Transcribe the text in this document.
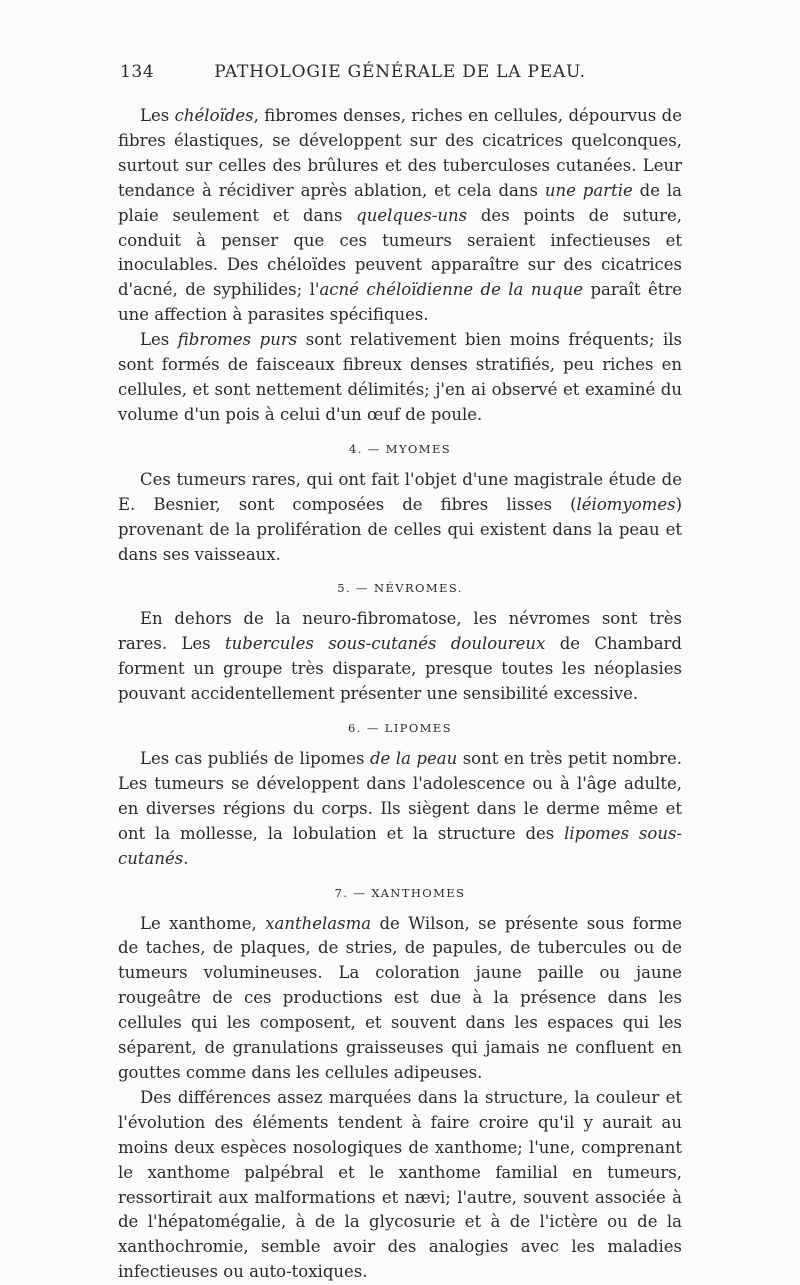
134	PATHOLOGIE GÉNÉRALE DE LA PEAU.

Les chéloïdes, fibromes denses, riches en cellules, dépourvus de fibres élastiques, se développent sur des cicatrices quelconques, surtout sur celles des brûlures et des tuberculoses cutanées. Leur tendance à récidiver après ablation, et cela dans une partie de la plaie seulement et dans quelques-uns des points de suture, conduit à penser que ces tumeurs seraient infectieuses et inoculables. Des chéloïdes peuvent apparaître sur des cicatrices d'acné, de syphilides; l'acné chéloïdienne de la nuque paraît être une affection à parasites spécifiques.

Les fibromes purs sont relativement bien moins fréquents; ils sont formés de faisceaux fibreux denses stratifiés, peu riches en cellules, et sont nettement délimités; j'en ai observé et examiné du volume d'un pois à celui d'un œuf de poule.

4. — MYOMES

Ces tumeurs rares, qui ont fait l'objet d'une magistrale étude de E. Besnier, sont composées de fibres lisses (léiomyomes) provenant de la prolifération de celles qui existent dans la peau et dans ses vaisseaux.

5. — NÉVROMES.

En dehors de la neuro-fibromatose, les névromes sont très rares. Les tubercules sous-cutanés douloureux de Chambard forment un groupe très disparate, presque toutes les néoplasies pouvant accidentellement présenter une sensibilité excessive.

6. — LIPOMES

Les cas publiés de lipomes de la peau sont en très petit nombre. Les tumeurs se développent dans l'adolescence ou à l'âge adulte, en diverses régions du corps. Ils siègent dans le derme même et ont la mollesse, la lobulation et la structure des lipomes sous-cutanés.

7. — XANTHOMES

Le xanthome, xanthelasma de Wilson, se présente sous forme de taches, de plaques, de stries, de papules, de tubercules ou de tumeurs volumineuses. La coloration jaune paille ou jaune rougeâtre de ces productions est due à la présence dans les cellules qui les composent, et souvent dans les espaces qui les séparent, de granulations graisseuses qui jamais ne confluent en gouttes comme dans les cellules adipeuses.

Des différences assez marquées dans la structure, la couleur et l'évolution des éléments tendent à faire croire qu'il y aurait au moins deux espèces nosologiques de xanthome; l'une, comprenant le xanthome palpébral et le xanthome familial en tumeurs, ressortirait aux malformations et nævi; l'autre, souvent associée à de l'hépatomégalie, à de la glycosurie et à de l'ictère ou de la xanthochromie, semble avoir des analogies avec les maladies infectieuses ou auto-toxiques.
